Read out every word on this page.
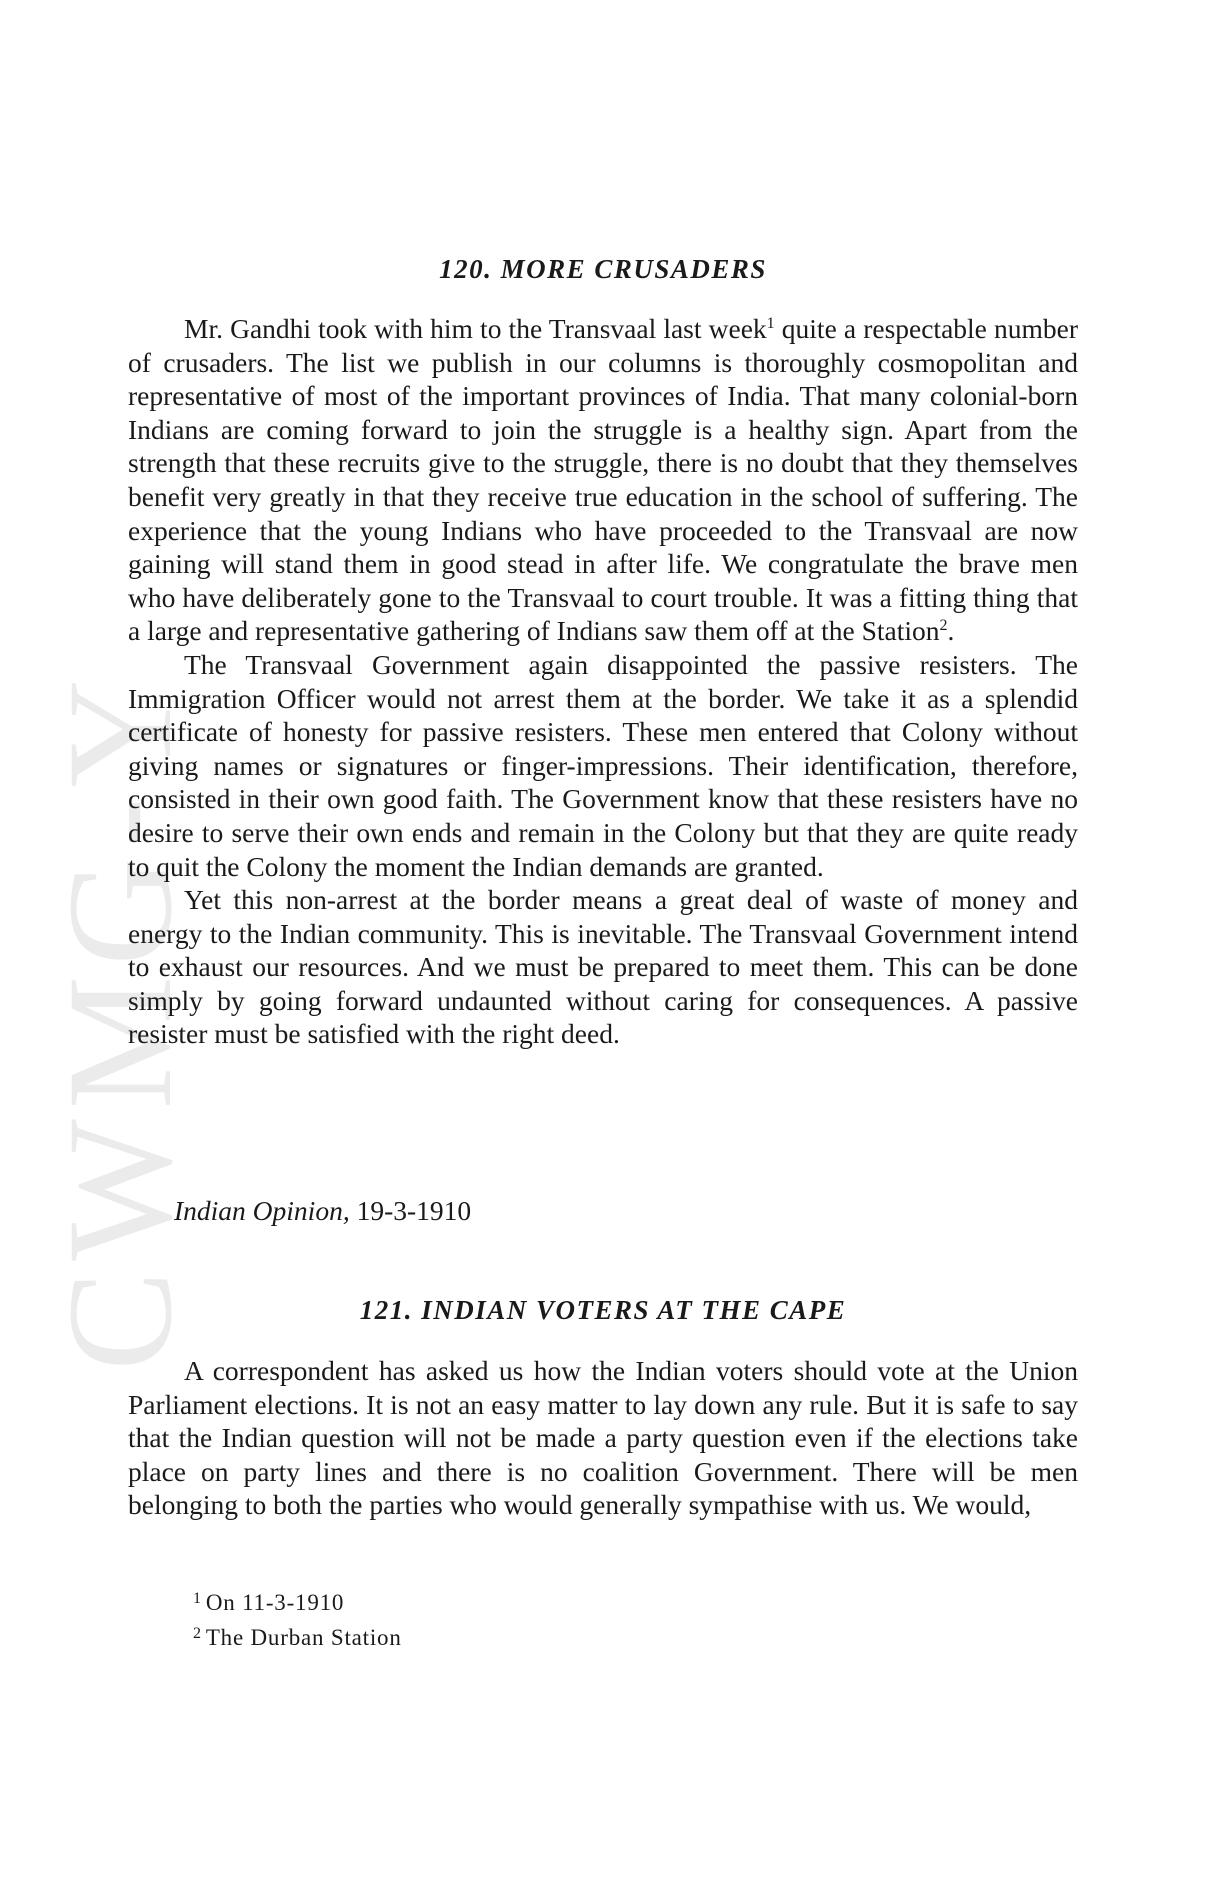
CWMG-Y
120. MORE CRUSADERS

Mr. Gandhi took with him to the Transvaal last week$^1$ quite a respectable number of crusaders. The list we publish in our columns is thoroughly cosmopolitan and representative of most of the important provinces of India. That many colonial-born Indians are coming forward to join the struggle is a healthy sign. Apart from the strength that these recruits give to the struggle, there is no doubt that they themselves benefit very greatly in that they receive true education in the school of suffering. The experience that the young Indians who have proceeded to the Transvaal are now gaining will stand them in good stead in after life. We congratulate the brave men who have deliberately gone to the Transvaal to court trouble. It was a fitting thing that a large and representative gathering of Indians saw them off at the Station$^2$.

The Transvaal Government again disappointed the passive resisters. The Immigration Officer would not arrest them at the border. We take it as a splendid certificate of honesty for passive resisters. These men entered that Colony without giving names or signatures or finger-impressions. Their identification, therefore, consisted in their own good faith. The Government know that these resisters have no desire to serve their own ends and remain in the Colony but that they are quite ready to quit the Colony the moment the Indian demands are granted.

Yet this non-arrest at the border means a great deal of waste of money and energy to the Indian community. This is inevitable. The Transvaal Government intend to exhaust our resources. And we must be prepared to meet them. This can be done simply by going forward undaunted without caring for consequences. A passive resister must be satisfied with the right deed.

Indian Opinion, 19-3-1910
121. INDIAN VOTERS AT THE CAPE

A correspondent has asked us how the Indian voters should vote at the Union Parliament elections. It is not an easy matter to lay down any rule. But it is safe to say that the Indian question will not be made a party question even if the elections take place on party lines and there is no coalition Government. There will be men belonging to both the parties who would generally sympathise with us. We would,

$^1$ On 11-3-1910
$^2$ The Durban Station
